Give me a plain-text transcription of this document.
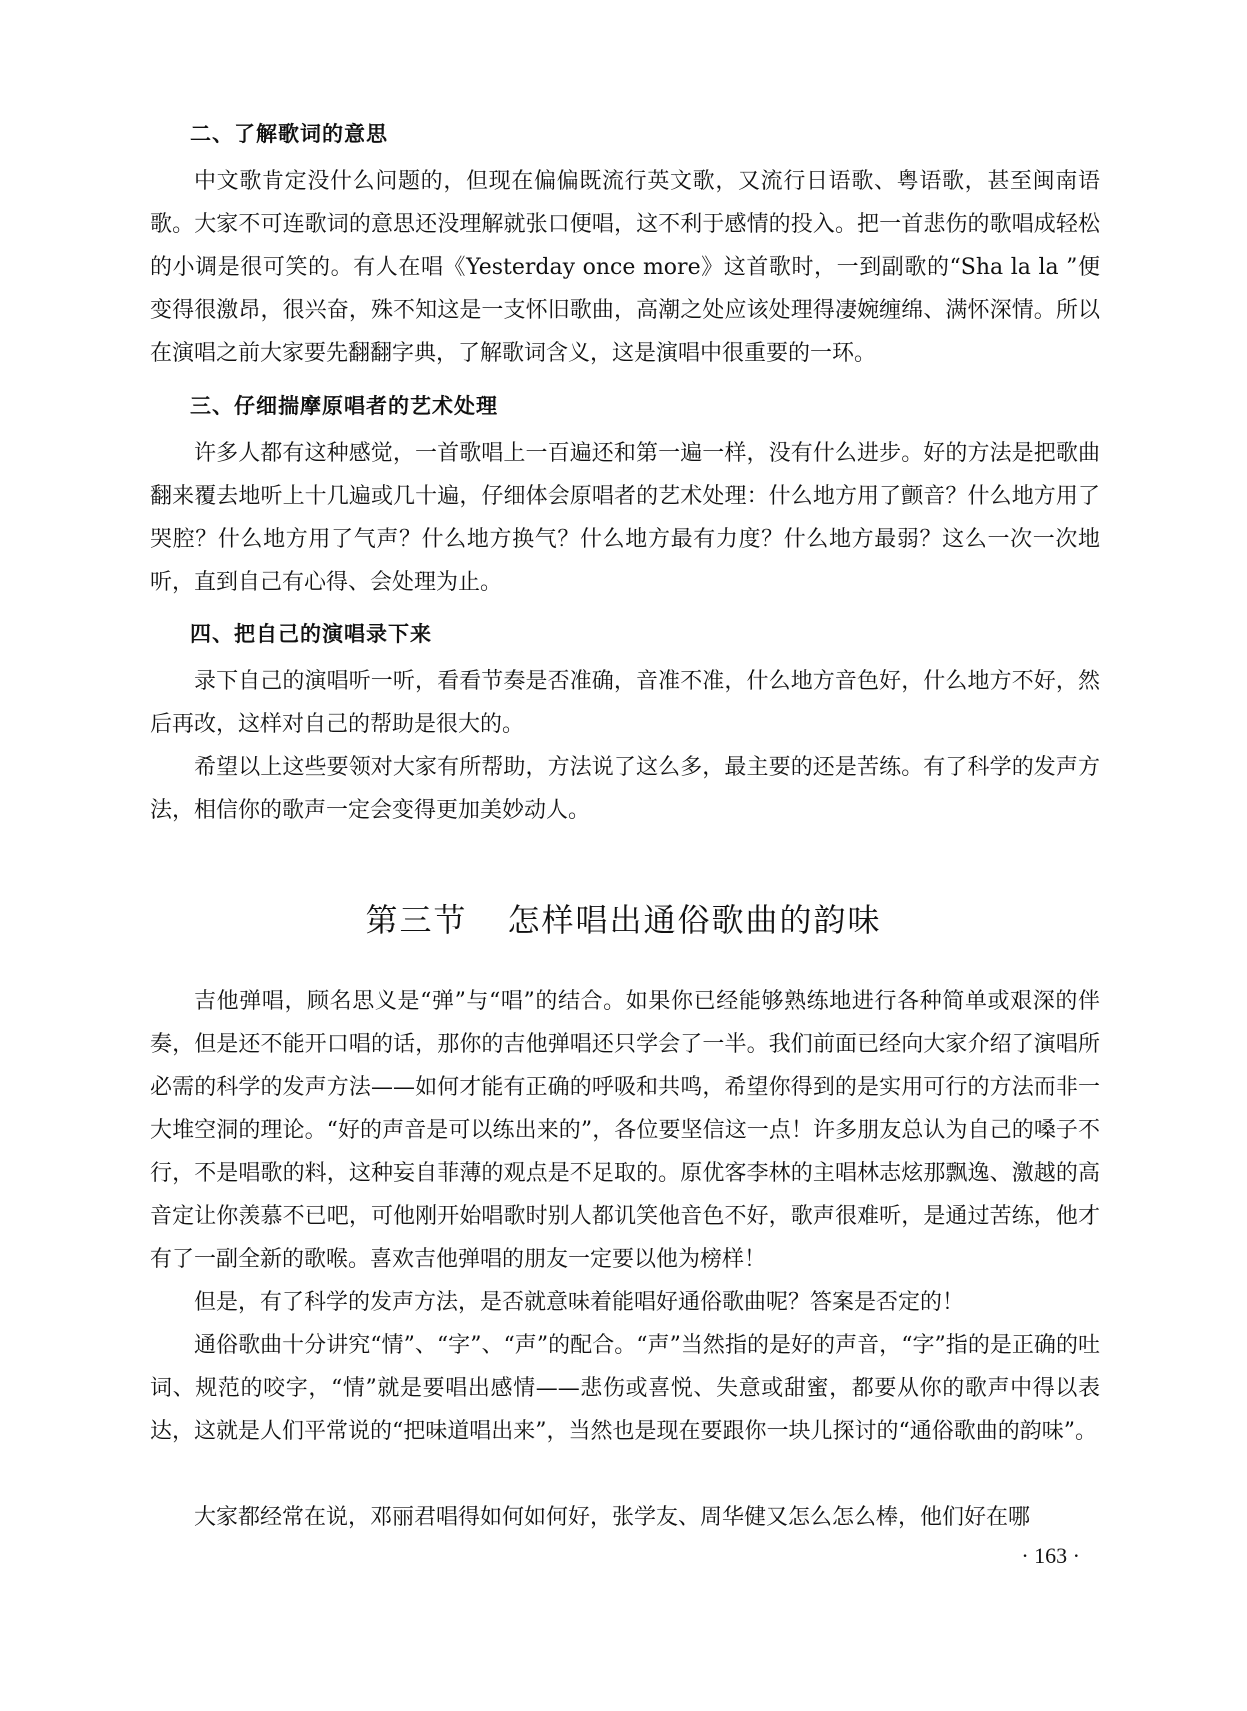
二、了解歌词的意思

中文歌肯定没什么问题的，但现在偏偏既流行英文歌，又流行日语歌、粤语歌，甚至闽南语歌。大家不可连歌词的意思还没理解就张口便唱，这不利于感情的投入。把一首悲伤的歌唱成轻松的小调是很可笑的。有人在唱《Yesterday once more》这首歌时，一到副歌的“Sha la la ”便变得很激昂，很兴奋，殊不知这是一支怀旧歌曲，高潮之处应该处理得凄婉缠绵、满怀深情。所以在演唱之前大家要先翻翻字典，了解歌词含义，这是演唱中很重要的一环。

三、仔细揣摩原唱者的艺术处理

许多人都有这种感觉，一首歌唱上一百遍还和第一遍一样，没有什么进步。好的方法是把歌曲翻来覆去地听上十几遍或几十遍，仔细体会原唱者的艺术处理：什么地方用了颤音？什么地方用了哭腔？什么地方用了气声？什么地方换气？什么地方最有力度？什么地方最弱？这么一次一次地听，直到自己有心得、会处理为止。

四、把自己的演唱录下来

录下自己的演唱听一听，看看节奏是否准确，音准不准，什么地方音色好，什么地方不好，然后再改，这样对自己的帮助是很大的。

希望以上这些要领对大家有所帮助，方法说了这么多，最主要的还是苦练。有了科学的发声方法，相信你的歌声一定会变得更加美妙动人。

第三节 怎样唱出通俗歌曲的韵味

吉他弹唱，顾名思义是“弹”与“唱”的结合。如果你已经能够熟练地进行各种简单或艰深的伴奏，但是还不能开口唱的话，那你的吉他弹唱还只学会了一半。我们前面已经向大家介绍了演唱所必需的科学的发声方法——如何才能有正确的呼吸和共鸣，希望你得到的是实用可行的方法而非一大堆空洞的理论。“好的声音是可以练出来的”，各位要坚信这一点！许多朋友总认为自己的嗓子不行，不是唱歌的料，这种妄自菲薄的观点是不足取的。原优客李林的主唱林志炫那飘逸、激越的高音定让你羡慕不已吧，可他刚开始唱歌时别人都讥笑他音色不好，歌声很难听，是通过苦练，他才有了一副全新的歌喉。喜欢吉他弹唱的朋友一定要以他为榜样！

但是，有了科学的发声方法，是否就意味着能唱好通俗歌曲呢？答案是否定的！

通俗歌曲十分讲究“情”、“字”、“声”的配合。“声”当然指的是好的声音，“字”指的是正确的吐词、规范的咬字，“情”就是要唱出感情——悲伤或喜悦、失意或甜蜜，都要从你的歌声中得以表达，这就是人们平常说的“把味道唱出来”，当然也是现在要跟你一块儿探讨的“通俗歌曲的韵味”。

大家都经常在说，邓丽君唱得如何如何好，张学友、周华健又怎么怎么棒，他们好在哪

· 163 ·
